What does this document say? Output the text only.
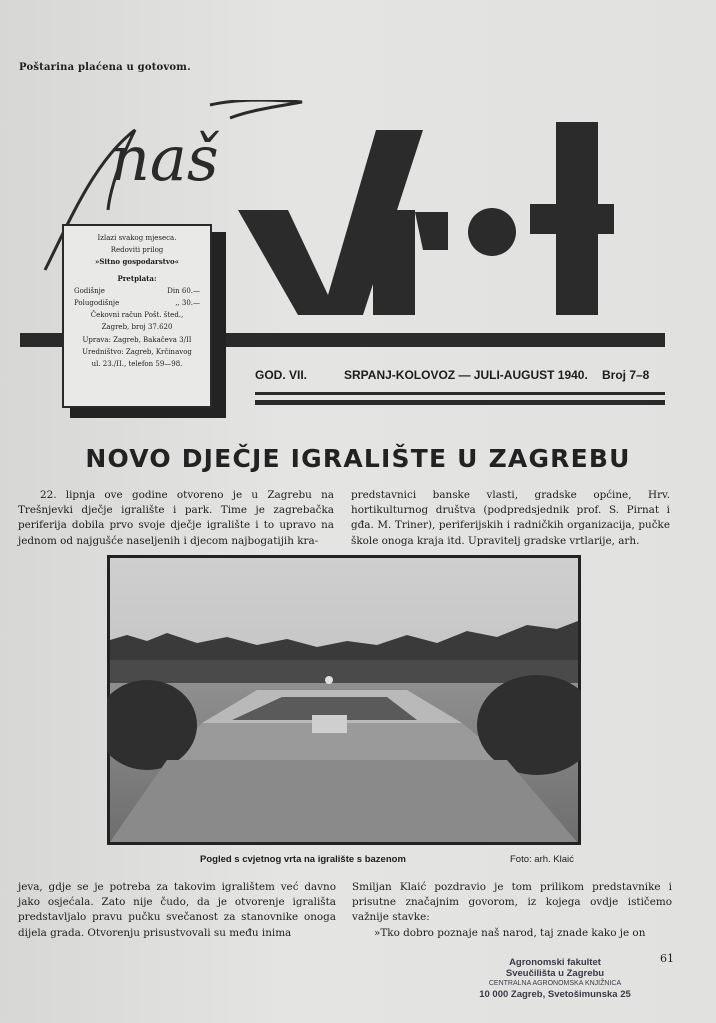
Poštarina plaćena u gotovom.
naš
Izlazi svakog mjeseca.
Redoviti prilog
»Sitno gospodarstvo«
Pretplata:
Godišnje	Din 60.—
Polugodišnje	,, 30.—
Čekovni račun Pošt. šted.,
Zagreb, broj 37.620
Uprava: Zagreb, Bakačeva 3/II
Uredništvo: Zagreb, Krčinavog
ul. 23./II., telefon 59—98.
GOD. VII.	SRPANJ-KOLOVOZ — JULI-AUGUST 1940. Broj 7–8
NOVO DJEČJE IGRALIŠTE U ZAGREBU

22. lipnja ove godine otvoreno je u Zagrebu na Trešnjevki dječje igralište i park. Time je zagrebačka periferija dobila prvo svoje dječje igralište i to upravo na jednom od najgušće naseljenih i djecom najbogatijih kra-

predstavnici banske vlasti, gradske općine, Hrv. hortikulturnog društva (podpredsjednik prof. S. Pirnat i gđa. M. Triner), periferijskih i radničkih organizacija, pučke škole onoga kraja itd. Upravitelj gradske vrtlarije, arh.

Pogled s cvjetnog vrta na igralište s bazenom	Foto: arh. Klaić

jeva, gdje se je potreba za takovim igralištem već davno jako osjećala. Zato nije čudo, da je otvorenje igrališta predstavljalo pravu pučku svečanost za stanovnike onoga dijela grada. Otvorenju prisustvovali su među inima

Smiljan Klaić pozdravio je tom prilikom predstavnike i prisutne značajnim govorom, iz kojega ovdje ističemo važnije stavke:

»Tko dobro poznaje naš narod, taj znade kako je on

61
Agronomski fakultet
Sveučilišta u Zagrebu
CENTRALNA AGRONOMSKA KNJIŽNICA
10 000 Zagreb, Svetošimunska 25
